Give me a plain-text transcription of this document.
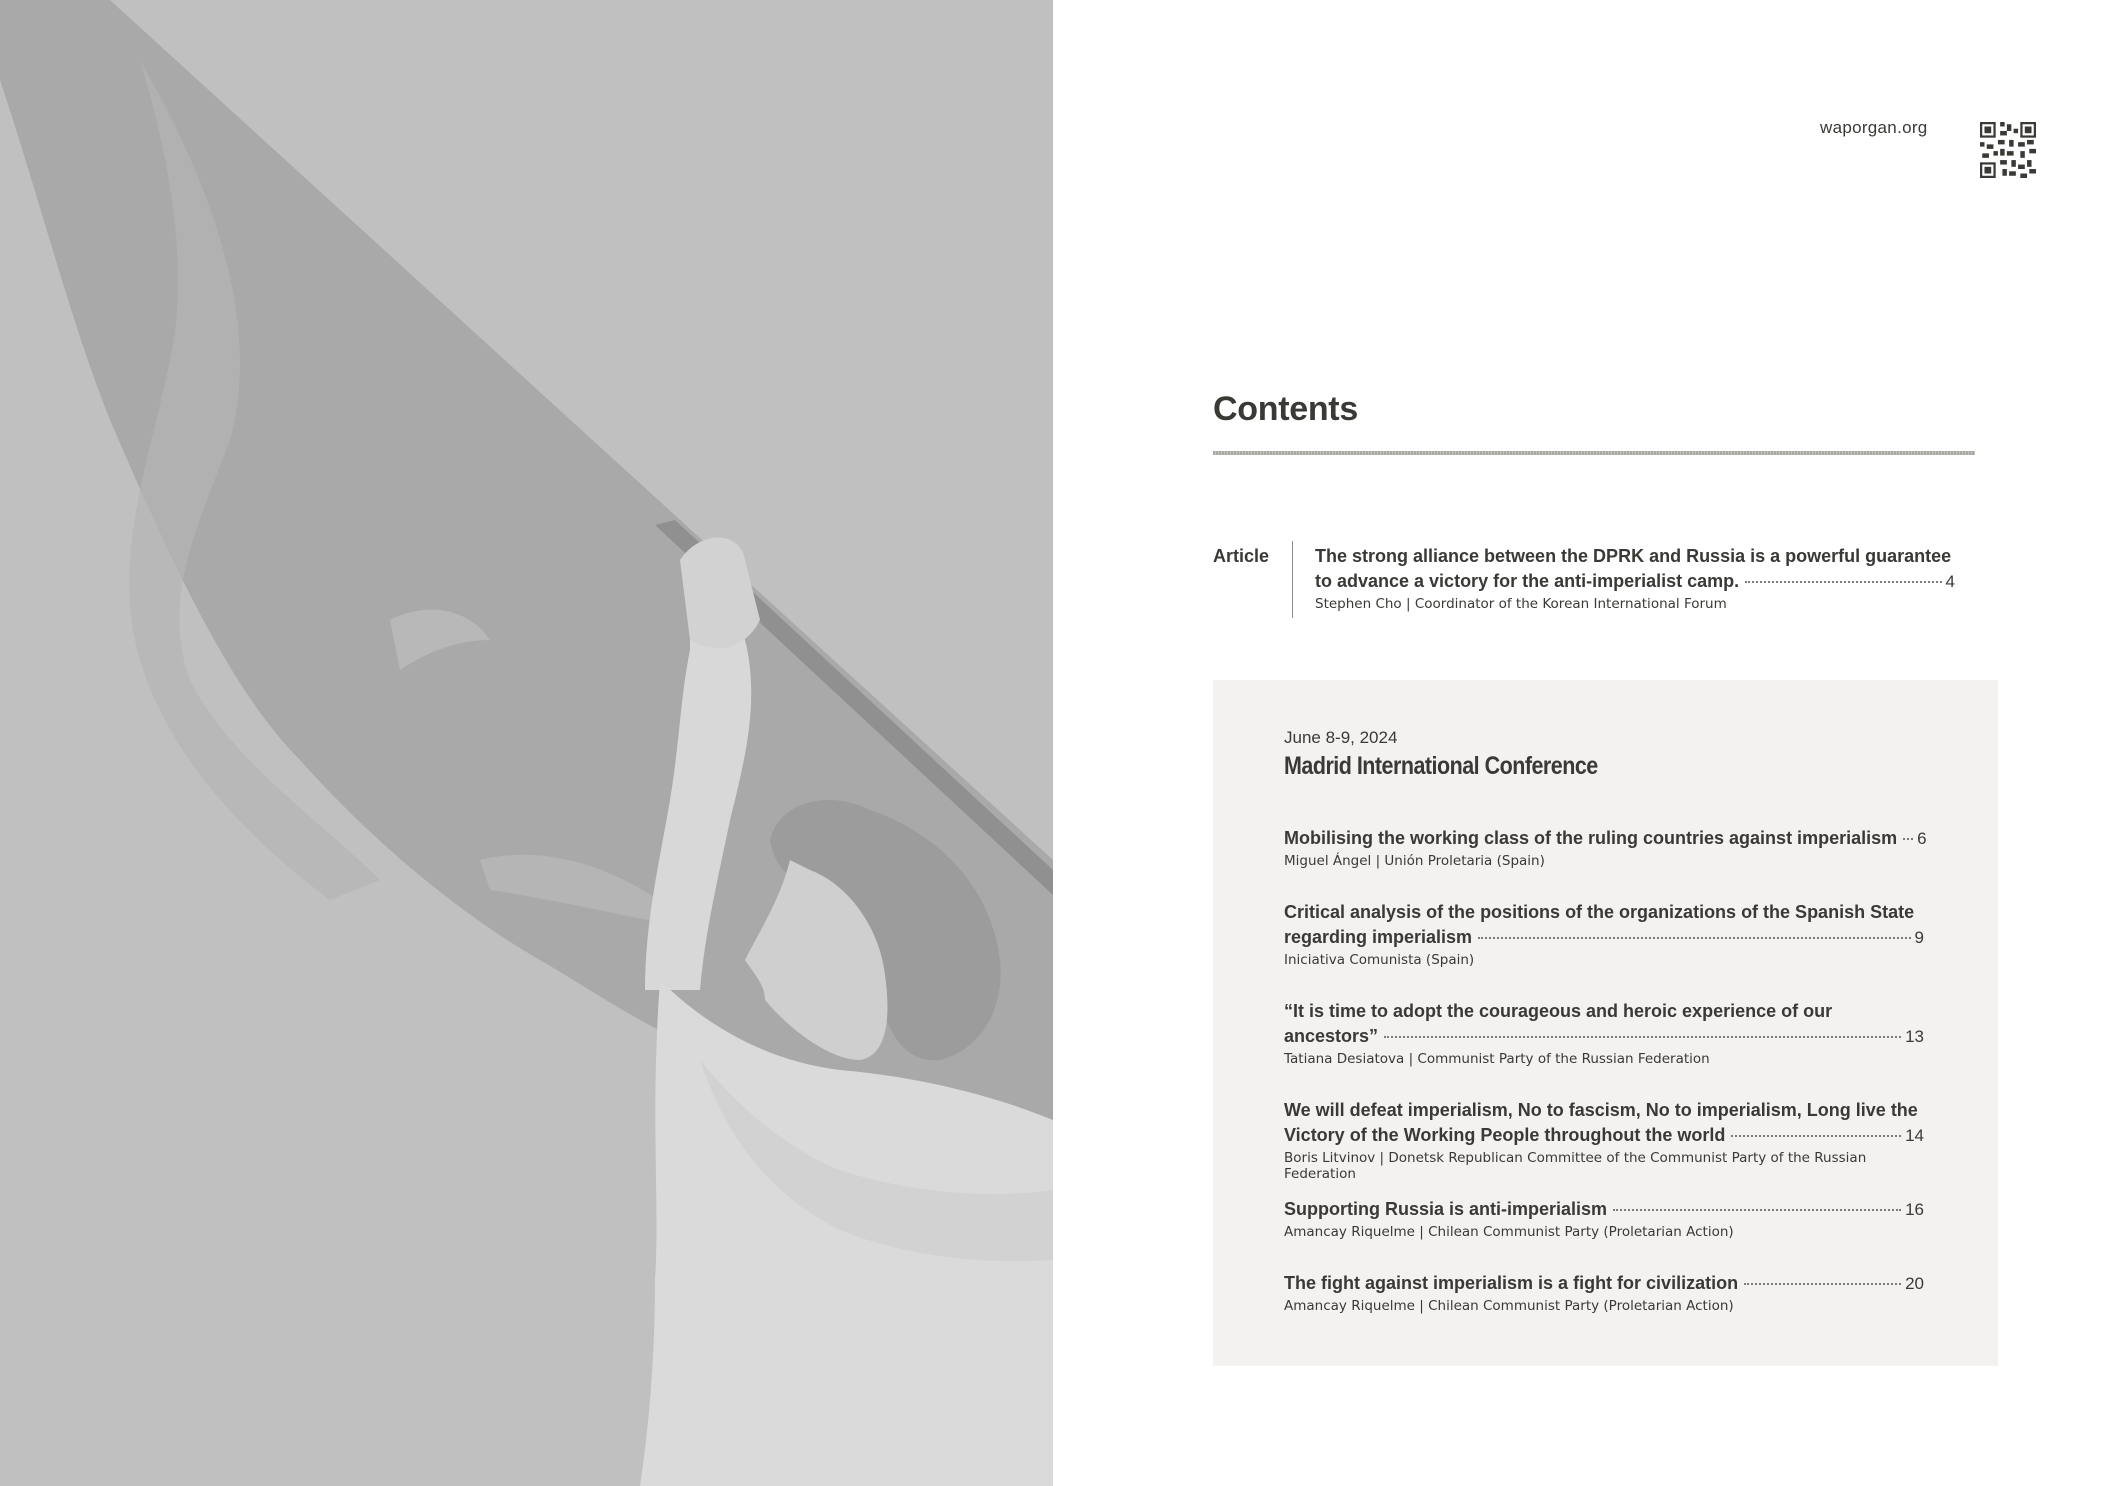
waporgan.org
Contents
Article	The strong alliance between the DPRK and Russia is a powerful guarantee
to advance a victory for the anti-imperialist camp.	4
Stephen Cho | Coordinator of the Korean International Forum
June 8-9, 2024
Madrid International Conference
Mobilising the working class of the ruling countries against imperialism 6
Miguel Ángel | Unión Proletaria (Spain)
Critical analysis of the positions of the organizations of the Spanish State
regarding imperialism	9
Iniciativa Comunista (Spain)
“It is time to adopt the courageous and heroic experience of our
ancestors”	13
Tatiana Desiatova | Communist Party of the Russian Federation
We will defeat imperialism, No to fascism, No to imperialism, Long live the
Victory of the Working People throughout the world	14
Boris Litvinov | Donetsk Republican Committee of the Communist Party of the Russian Federation
Supporting Russia is anti-imperialism	16
Amancay Riquelme | Chilean Communist Party (Proletarian Action)
The fight against imperialism is a fight for civilization	20
Amancay Riquelme | Chilean Communist Party (Proletarian Action)
